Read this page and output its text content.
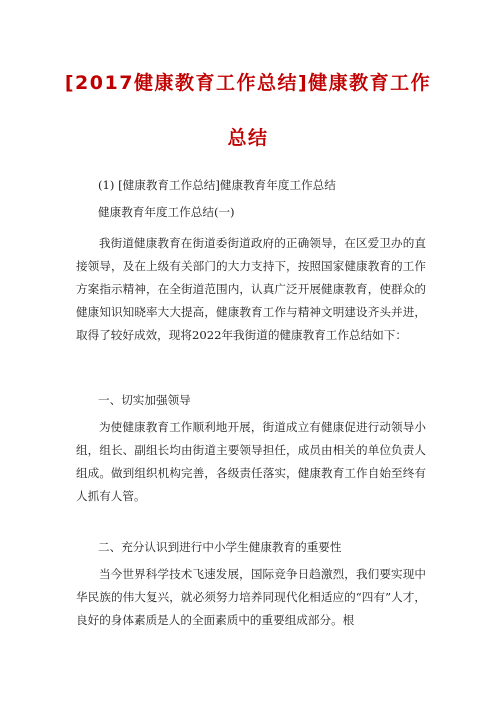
[2017健康教育工作总结]健康教育工作
总结
(1) [健康教育工作总结]健康教育年度工作总结
健康教育年度工作总结(一)
我街道健康教育在街道委街道政府的正确领导，在区爱卫办的直接领导，及在上级有关部门的大力支持下，按照国家健康教育的工作方案指示精神，在全街道范围内，认真广泛开展健康教育，使群众的健康知识知晓率大大提高，健康教育工作与精神文明建设齐头并进，取得了较好成效，现将2022年我街道的健康教育工作总结如下：
一、切实加强领导
为使健康教育工作顺利地开展，街道成立有健康促进行动领导小组，组长、副组长均由街道主要领导担任，成员由相关的单位负责人组成。做到组织机构完善，各级责任落实，健康教育工作自始至终有人抓有人管。
二、充分认识到进行中小学生健康教育的重要性
当今世界科学技术飞速发展，国际竞争日趋激烈，我们要实现中华民族的伟大复兴，就必须努力培养同现代化相适应的“四有”人才，良好的身体素质是人的全面素质中的重要组成部分。根
